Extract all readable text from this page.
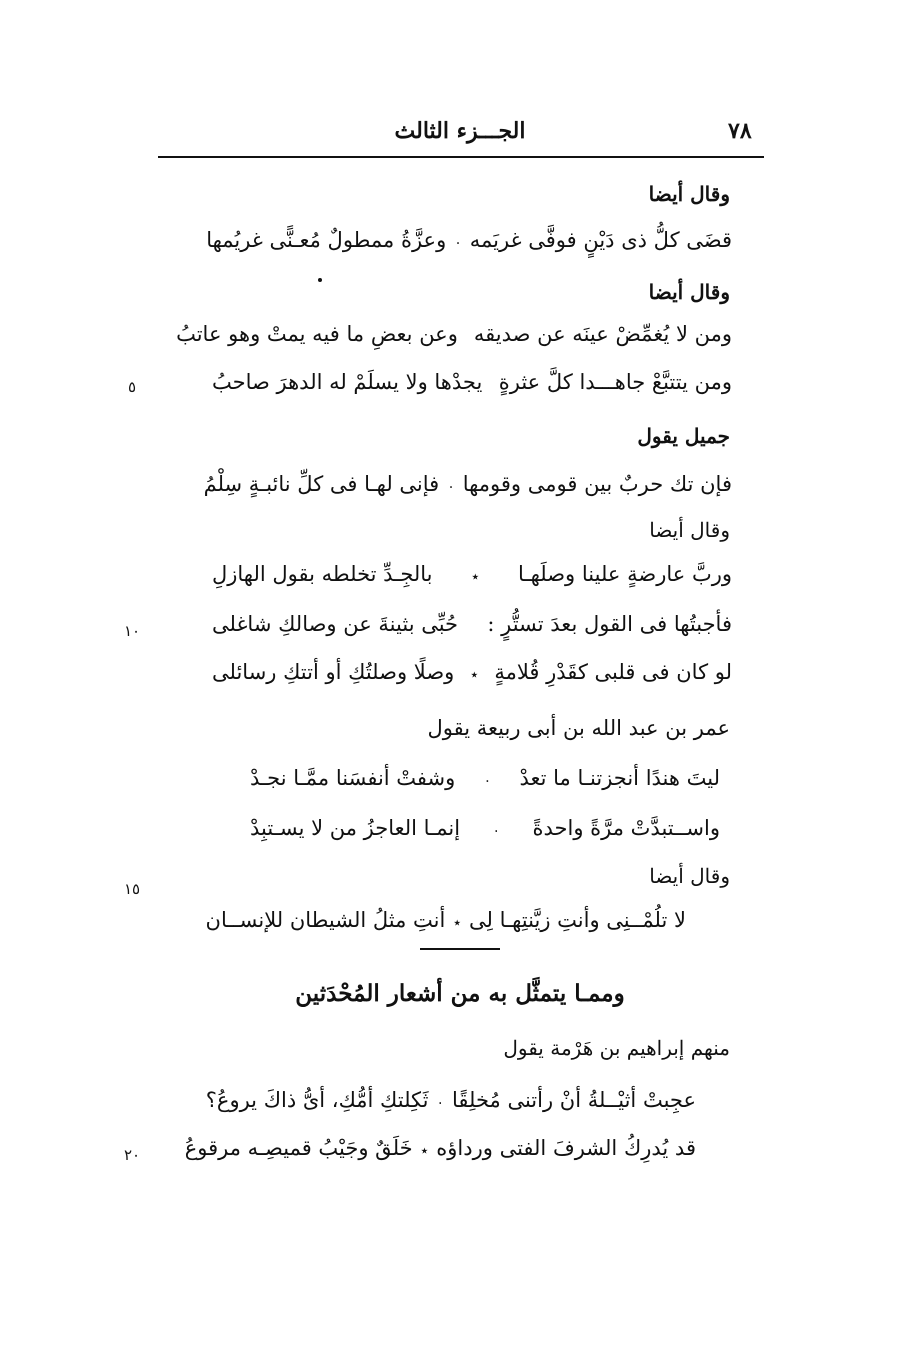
٧٨
الجـــزء الثالث
وقال أيضا
قضَى كلُّ ذى دَيْنٍ فوفَّى غريَمه
٠
وعزَّةُ ممطولٌ مُعـنًّى غريُمها
وقال أيضا
ومن لا يُغمِّضْ عينَه عن صديقه
وعن بعضِ ما فيه يمتْ وهو عاتبُ
ومن يتتبَّعْ جاهـــدا كلَّ عثرةٍ
يجدْها ولا يسلَمْ له الدهرَ صاحبُ
٥
جميل يقول
فإن تك حربٌ بين قومى وقومها
٠
فإنى لهـا فى كلِّ نائبـةٍ سِلْمُ
وقال أيضا
وربَّ عارضةٍ علينا وصلَهـا
٭
بالجِـدِّ تخلطه بقول الهازلِ
فأجبتُها فى القول بعدَ تستُّرٍ :
حُبِّى بثينةَ عن وصالكِ شاغلى
١٠
لو كان فى قلبى كقَدْرِ قُلامةٍ
٭
وصلًا وصلتُكِ أو أتتكِ رسائلى
عمر بن عبد الله بن أبى ربيعة يقول
ليتَ هندًا أنجزتنـا ما تعدْ
٠
وشفتْ أنفسَنا ممَّـا نجـدْ
واســتبدَّتْ مرَّةً واحدةً
٠
إنمـا العاجزُ من لا يسـتبِدْ
وقال أيضا
١٥
لا تلُمْــنِى وأنتِ زيَّنتِهـا لِى
٭
أنتِ مثلُ الشيطان للإنســان
وممـا يتمثَّل به من أشعار المُحْدَثين
منهم إبراهيم بن هَرْمة يقول
عجِبتْ أثيْــلةُ أنْ رأتنى مُخلِقًا
٠
ثَكِلتكِ أمُّكِ، أىُّ ذاكَ يروعُ؟
قد يُدرِكُ الشرفَ الفتى ورداؤه
٭
خَلَقٌ وجَيْبُ قميصِـه مرقوعُ
٢٠
